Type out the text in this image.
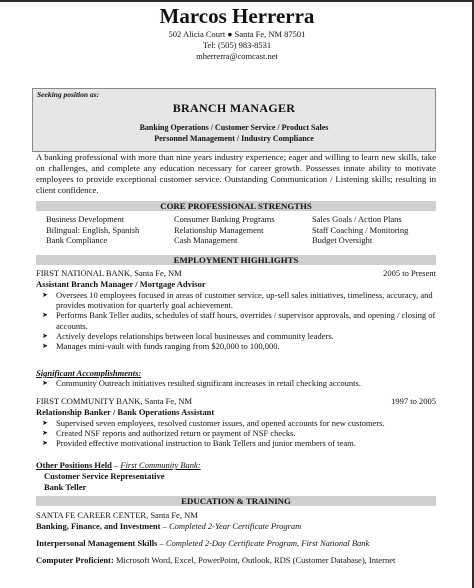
Marcos Herrerra
502 Alicia Court ● Santa Fe, NM 87501
Tel: (505) 983-8531
mherrerra@comcast.net
Seeking position as:
BRANCH MANAGER
Banking Operations / Customer Service / Product Sales
Personnel Management / Industry Compliance
A banking professional with more than nine years industry experience; eager and willing to learn new skills, take on challenges, and complete any education necessary for career growth. Possesses innate ability to motivate employees to provide exceptional customer service. Outstanding Communication / Listening skills; resulting in client confidence.
CORE PROFESSIONAL STRENGTHS
Business Development
Bilingual: English, Spanish
Bank Compliance
Consumer Banking Programs
Relationship Management
Cash Management
Sales Goals / Action Plans
Staff Coaching / Monitoring
Budget Oversight
EMPLOYMENT HIGHLIGHTS
FIRST NATIONAL BANK, Santa Fe, NM	2005 to Present
Assistant Branch Manager / Mortgage Advisor
➤ Oversees 10 employees focused in areas of customer service, up-sell sales initiatives, timeliness, accuracy, and provides motivation for quarterly goal achievement.
➤ Performs Bank Teller audits, schedules of staff hours, overrides / supervisor approvals, and opening / closing of accounts.
➤ Actively develops relationships between local businesses and community leaders.
➤ Manages mini-vault with funds ranging from $20,000 to 100,000.
Significant Accomplishments:
➤ Community Outreach initiatives resulted significant increases in retail checking accounts.
FIRST COMMUNITY BANK, Santa Fe, NM	1997 to 2005
Relationship Banker / Bank Operations Assistant
➤ Supervised seven employees, resolved customer issues, and opened accounts for new customers.
➤ Created NSF reports and authorized return or payment of NSF checks.
➤ Provided effective motivational instruction to Bank Tellers and junior members of team.
Other Positions Held – First Community Bank:
Customer Service Representative
Bank Teller
EDUCATION & TRAINING
SANTA FE CAREER CENTER, Santa Fe, NM
Banking, Finance, and Investment – Completed 2-Year Certificate Program
Interpersonal Management Skills – Completed 2-Day Certificate Program, First National Bank
Computer Proficient: Microsoft Word, Excel, PowerPoint, Outlook, RDS (Customer Database), Internet
